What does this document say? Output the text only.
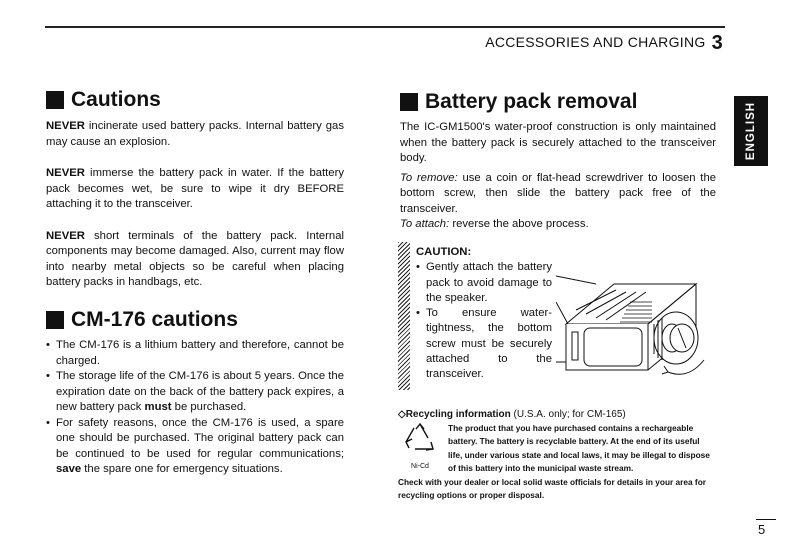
ACCESSORIES AND CHARGING 3
ENGLISH
Cautions

NEVER incinerate used battery packs. Internal battery gas may cause an explosion.

NEVER immerse the battery pack in water. If the battery pack becomes wet, be sure to wipe it dry BEFORE attaching it to the transceiver.

NEVER short terminals of the battery pack. Internal components may become damaged. Also, current may flow into nearby metal objects so be careful when placing battery packs in handbags, etc.

CM-176 cautions
• The CM-176 is a lithium battery and therefore, cannot be charged.
• The storage life of the CM-176 is about 5 years. Once the expiration date on the back of the battery pack expires, a new battery pack must be purchased.
• For safety reasons, once the CM-176 is used, a spare one should be purchased. The original battery pack can be continued to be used for regular communications; save the spare one for emergency situations.
Battery pack removal

The IC-GM1500's water-proof construction is only maintained when the battery pack is securely attached to the transceiver body.

To remove: use a coin or flat-head screwdriver to loosen the bottom screw, then slide the battery pack free of the transceiver.

To attach: reverse the above process.

CAUTION:
• Gently attach the battery pack to avoid damage to the speaker.
• To ensure water-tightness, the bottom screw must be securely attached to the transceiver.
◇Recycling information (U.S.A. only; for CM-165)
Ni-Cd
The product that you have purchased contains a rechargeable battery. The battery is recyclable battery. At the end of its useful life, under various state and local laws, it may be illegal to dispose of this battery into the municipal waste stream.
Check with your dealer or local solid waste officials for details in your area for recycling options or proper disposal.
5
